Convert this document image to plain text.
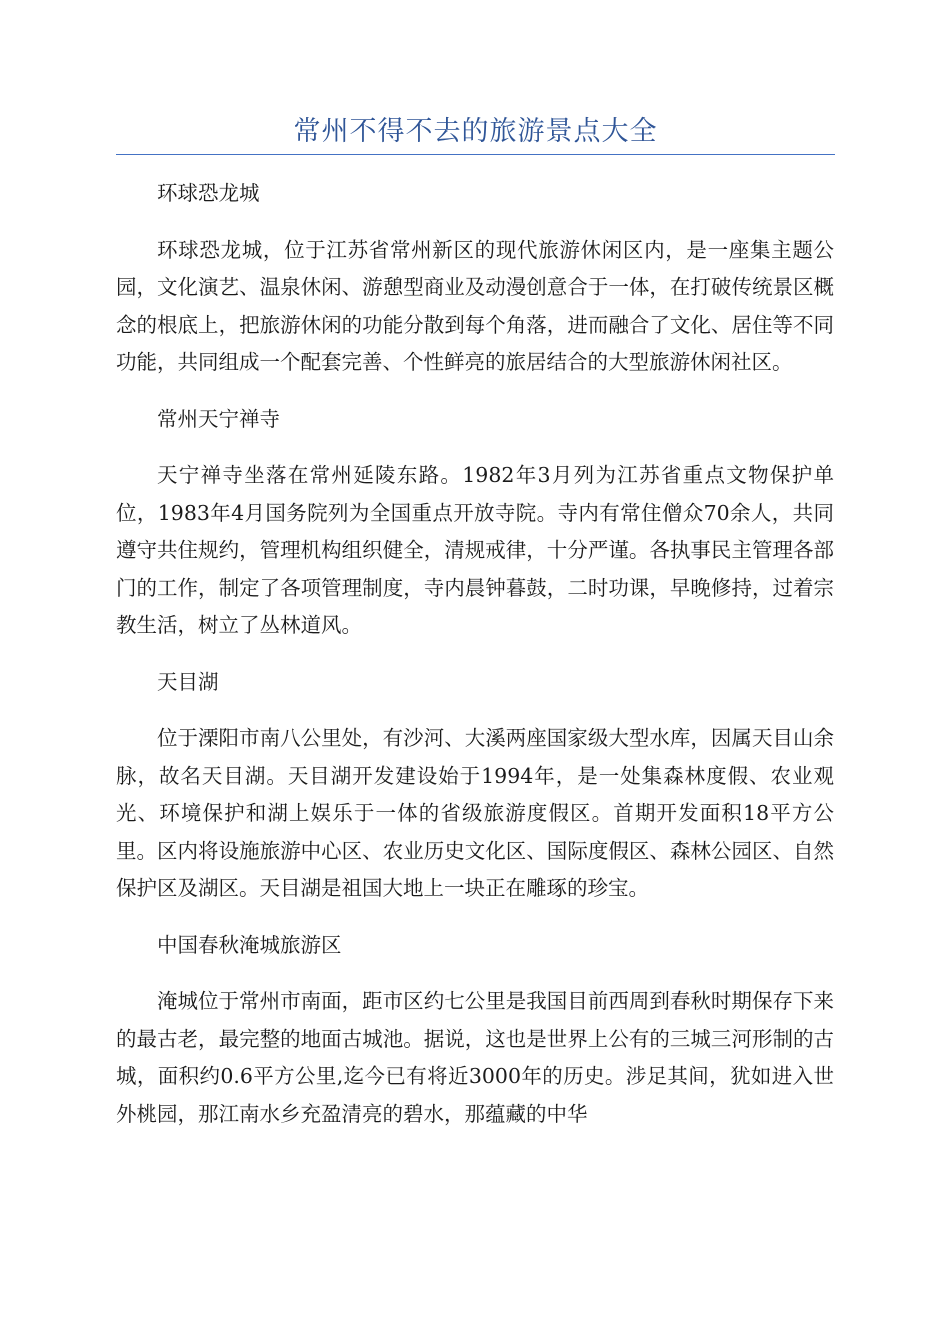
常州不得不去的旅游景点大全

环球恐龙城

环球恐龙城，位于江苏省常州新区的现代旅游休闲区内，是一座集主题公园，文化演艺、温泉休闲、游憩型商业及动漫创意合于一体，在打破传统景区概念的根底上，把旅游休闲的功能分散到每个角落，进而融合了文化、居住等不同功能，共同组成一个配套完善、个性鲜亮的旅居结合的大型旅游休闲社区。

常州天宁禅寺

天宁禅寺坐落在常州延陵东路。1982年3月列为江苏省重点文物保护单位，1983年4月国务院列为全国重点开放寺院。寺内有常住僧众70余人，共同遵守共住规约，管理机构组织健全，清规戒律，十分严谨。各执事民主管理各部门的工作，制定了各项管理制度，寺内晨钟暮鼓，二时功课，早晚修持，过着宗教生活，树立了丛林道风。

天目湖

位于溧阳市南八公里处，有沙河、大溪两座国家级大型水库，因属天目山余脉，故名天目湖。天目湖开发建设始于1994年，是一处集森林度假、农业观光、环境保护和湖上娱乐于一体的省级旅游度假区。首期开发面积18平方公里。区内将设施旅游中心区、农业历史文化区、国际度假区、森林公园区、自然保护区及湖区。天目湖是祖国大地上一块正在雕琢的珍宝。

中国春秋淹城旅游区

淹城位于常州市南面，距市区约七公里是我国目前西周到春秋时期保存下来的最古老，最完整的地面古城池。据说，这也是世界上公有的三城三河形制的古城，面积约0.6平方公里,迄今已有将近3000年的历史。涉足其间，犹如进入世外桃园，那江南水乡充盈清亮的碧水，那蕴藏的中华
